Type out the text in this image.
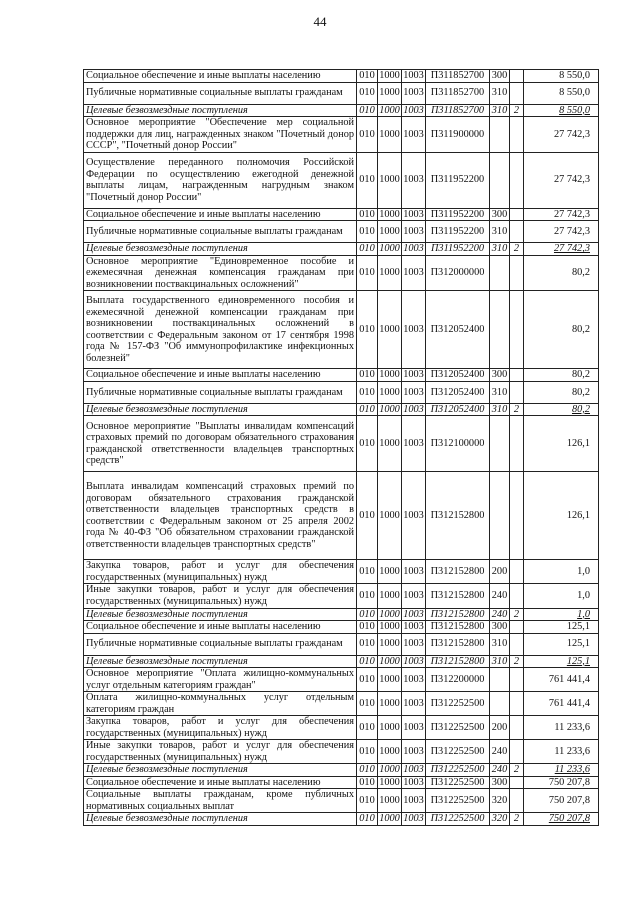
44
Социальное обеспечение и иные выплаты населению	010	1000	1003	П311852700	300		8 550,0
Публичные нормативные социальные выплаты гражданам	010	1000	1003	П311852700	310		8 550,0
Целевые безвозмездные поступления	010	1000	1003	П311852700	310	2	8 550,0
Основное мероприятие "Обеспечение мер социальной поддержки для лиц, награжденных знаком "Почетный донор СССР", "Почетный донор России"	010	1000	1003	П311900000			27 742,3
Осуществление переданного полномочия Российской Федерации по осуществлению ежегодной денежной выплаты лицам, награжденным нагрудным знаком "Почетный донор России"	010	1000	1003	П311952200			27 742,3
Социальное обеспечение и иные выплаты населению	010	1000	1003	П311952200	300		27 742,3
Публичные нормативные социальные выплаты гражданам	010	1000	1003	П311952200	310		27 742,3
Целевые безвозмездные поступления	010	1000	1003	П311952200	310	2	27 742,3
Основное мероприятие "Единовременное пособие и ежемесячная денежная компенсация гражданам при возникновении поствакцинальных осложнений"	010	1000	1003	П312000000			80,2
Выплата государственного единовременного пособия и ежемесячной денежной компенсации гражданам при возникновении поствакцинальных осложнений в соответствии с Федеральным законом от 17 сентября 1998 года № 157-ФЗ "Об иммунопрофилактике инфекционных болезней"	010	1000	1003	П312052400			80,2
Социальное обеспечение и иные выплаты населению	010	1000	1003	П312052400	300		80,2
Публичные нормативные социальные выплаты гражданам	010	1000	1003	П312052400	310		80,2
Целевые безвозмездные поступления	010	1000	1003	П312052400	310	2	80,2
Основное мероприятие "Выплаты инвалидам компенсаций страховых премий по договорам обязательного страхования гражданской ответственности владельцев транспортных средств"	010	1000	1003	П312100000			126,1
Выплата инвалидам компенсаций страховых премий по договорам обязательного страхования гражданской ответственности владельцев транспортных средств в соответствии с Федеральным законом от 25 апреля 2002 года № 40-ФЗ "Об обязательном страховании гражданской ответственности владельцев транспортных средств"	010	1000	1003	П312152800			126,1
Закупка товаров, работ и услуг для обеспечения государственных (муниципальных) нужд	010	1000	1003	П312152800	200		1,0
Иные закупки товаров, работ и услуг для обеспечения государственных (муниципальных) нужд	010	1000	1003	П312152800	240		1,0
Целевые безвозмездные поступления	010	1000	1003	П312152800	240	2	1,0
Социальное обеспечение и иные выплаты населению	010	1000	1003	П312152800	300		125,1
Публичные нормативные социальные выплаты гражданам	010	1000	1003	П312152800	310		125,1
Целевые безвозмездные поступления	010	1000	1003	П312152800	310	2	125,1
Основное мероприятие "Оплата жилищно-коммунальных услуг отдельным категориям граждан"	010	1000	1003	П312200000			761 441,4
Оплата жилищно-коммунальных услуг отдельным категориям граждан	010	1000	1003	П312252500			761 441,4
Закупка товаров, работ и услуг для обеспечения государственных (муниципальных) нужд	010	1000	1003	П312252500	200		11 233,6
Иные закупки товаров, работ и услуг для обеспечения государственных (муниципальных) нужд	010	1000	1003	П312252500	240		11 233,6
Целевые безвозмездные поступления	010	1000	1003	П312252500	240	2	11 233,6
Социальное обеспечение и иные выплаты населению	010	1000	1003	П312252500	300		750 207,8
Социальные выплаты гражданам, кроме публичных нормативных социальных выплат	010	1000	1003	П312252500	320		750 207,8
Целевые безвозмездные поступления	010	1000	1003	П312252500	320	2	750 207,8
